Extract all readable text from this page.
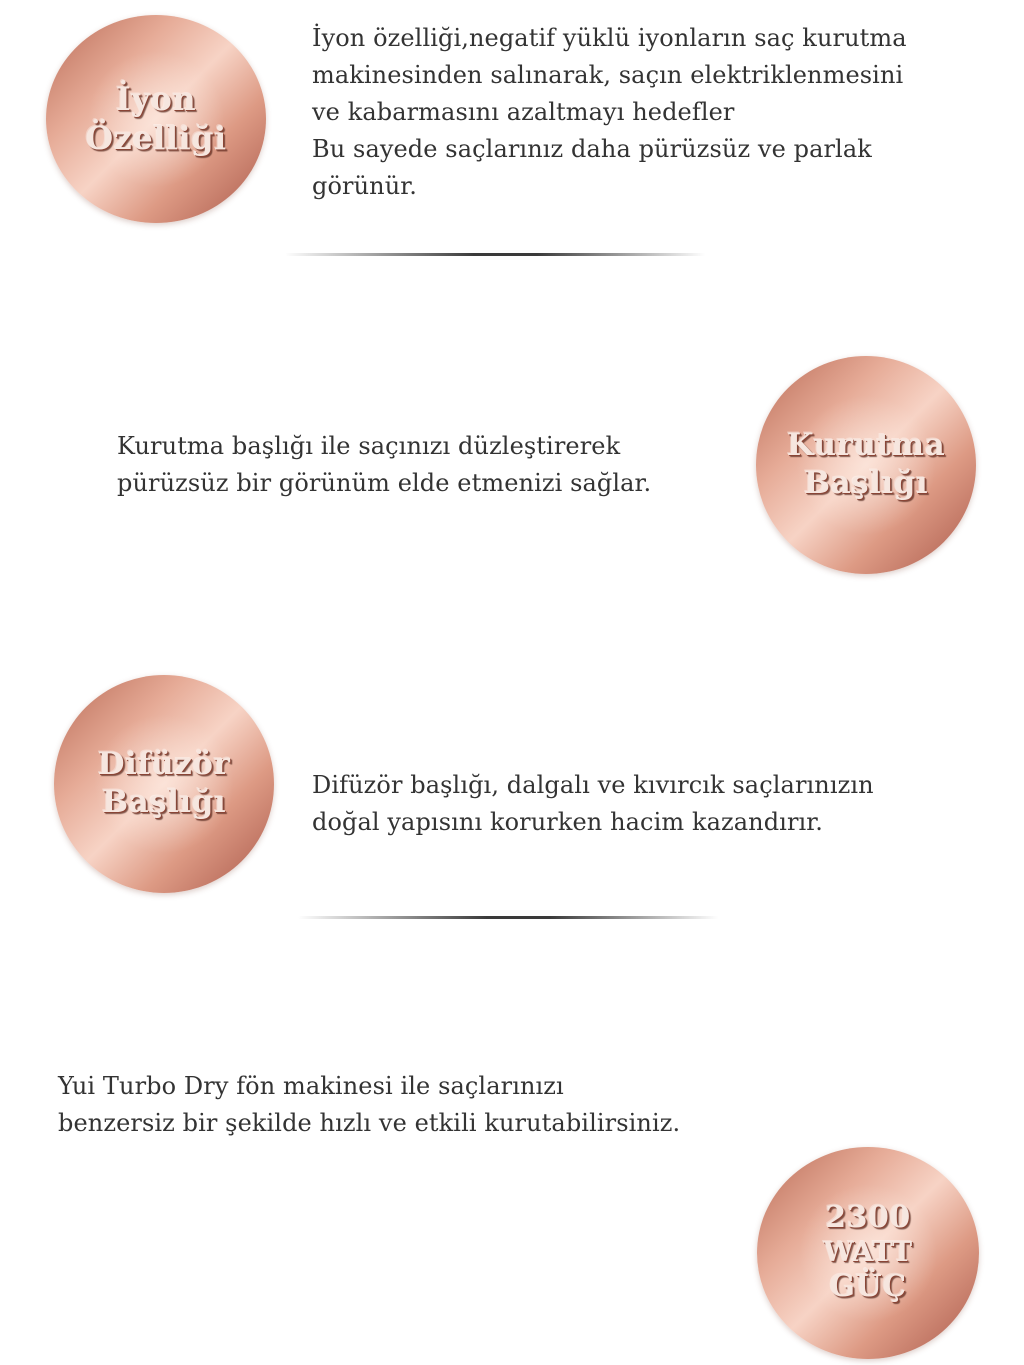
İyon
Özelliği
İyon özelliği,negatif yüklü iyonların saç kurutma
makinesinden salınarak, saçın elektriklenmesini
ve kabarmasını azaltmayı hedefler
Bu sayede saçlarınız daha pürüzsüz ve parlak
görünür.
Kurutma başlığı ile saçınızı düzleştirerek
pürüzsüz bir görünüm elde etmenizi sağlar.
Kurutma
Başlığı
Difüzör
Başlığı	Difüzör başlığı, dalgalı ve kıvırcık saçlarınızın
doğal yapısını korurken hacim kazandırır.
Yui Turbo Dry fön makinesi ile saçlarınızı
benzersiz bir şekilde hızlı ve etkili kurutabilirsiniz.
2300
WATT
GÜÇ
